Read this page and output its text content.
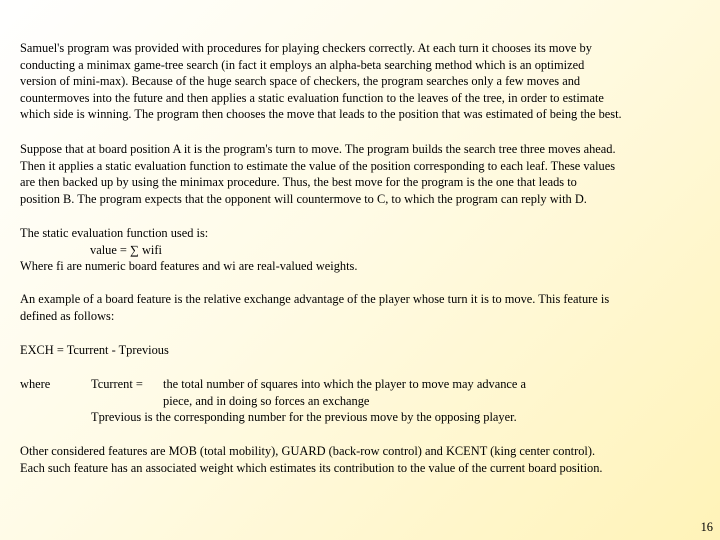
Samuel's program was provided with procedures for playing checkers correctly. At each turn it chooses its move by
conducting a minimax game-tree search (in fact it employs an alpha-beta searching method which is an optimized
version of mini-max). Because of the huge search space of checkers, the program searches only a few moves and
countermoves into the future and then applies a static evaluation function to the leaves of the tree, in order to estimate
which side is winning. The program then chooses the move that leads to the position that was estimated of being the best.
Suppose that at board position A it is the program's turn to move. The program builds the search tree three moves ahead.
Then it applies a static evaluation function to estimate the value of the position corresponding to each leaf. These values
are then backed up by using the minimax procedure. Thus, the best move for the program is the one that leads to
position B. The program expects that the opponent will countermove to C, to which the program can reply with D.
The static evaluation function used is:
value = ∑ wifi
Where fi are numeric board features and wi are real-valued weights.
An example of a board feature is the relative exchange advantage of the player whose turn it is to move. This feature is
defined as follows:
EXCH = Tcurrent - Tprevious
where	Tcurrent = the total number of squares into which the player to move may advance a
piece, and in doing so forces an exchange
Tprevious is the corresponding number for the previous move by the opposing player.
Other considered features are MOB (total mobility), GUARD (back-row control) and KCENT (king center control).
Each such feature has an associated weight which estimates its contribution to the value of the current board position.
16
